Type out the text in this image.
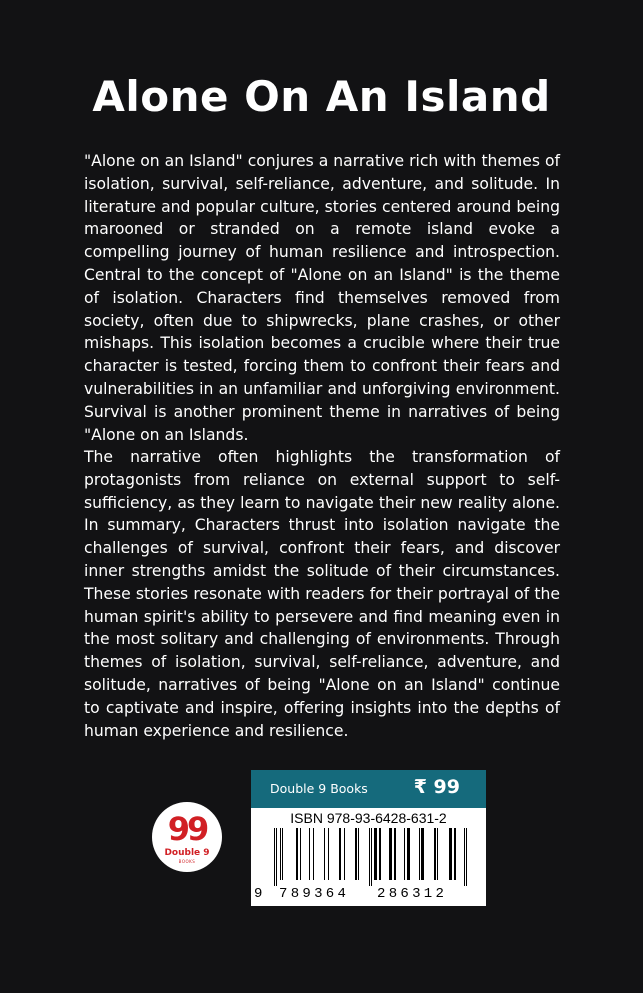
Alone On An Island

"Alone on an Island" conjures a narrative rich with themes of isolation, survival, self-reliance, adventure, and solitude. In literature and popular culture, stories centered around being marooned or stranded on a remote island evoke a compelling journey of human resilience and introspection. Central to the concept of "Alone on an Island" is the theme of isolation. Characters find themselves removed from society, often due to shipwrecks, plane crashes, or other mishaps. This isolation becomes a crucible where their true character is tested, forcing them to confront their fears and vulnerabilities in an unfamiliar and unforgiving environment. Survival is another prominent theme in narratives of being "Alone on an Islands.

The narrative often highlights the transformation of protagonists from reliance on external support to self-sufficiency, as they learn to navigate their new reality alone. In summary, Characters thrust into isolation navigate the challenges of survival, confront their fears, and discover inner strengths amidst the solitude of their circumstances. These stories resonate with readers for their portrayal of the human spirit's ability to persevere and find meaning even in the most solitary and challenging of environments. Through themes of isolation, survival, self-reliance, adventure, and solitude, narratives of being "Alone on an Island" continue to captivate and inspire, offering insights into the depths of human experience and resilience.

99
Double 9
BOOKS
Double 9 Books ₹ 99
ISBN 978-93-6428-631-2
9 789364 286312
